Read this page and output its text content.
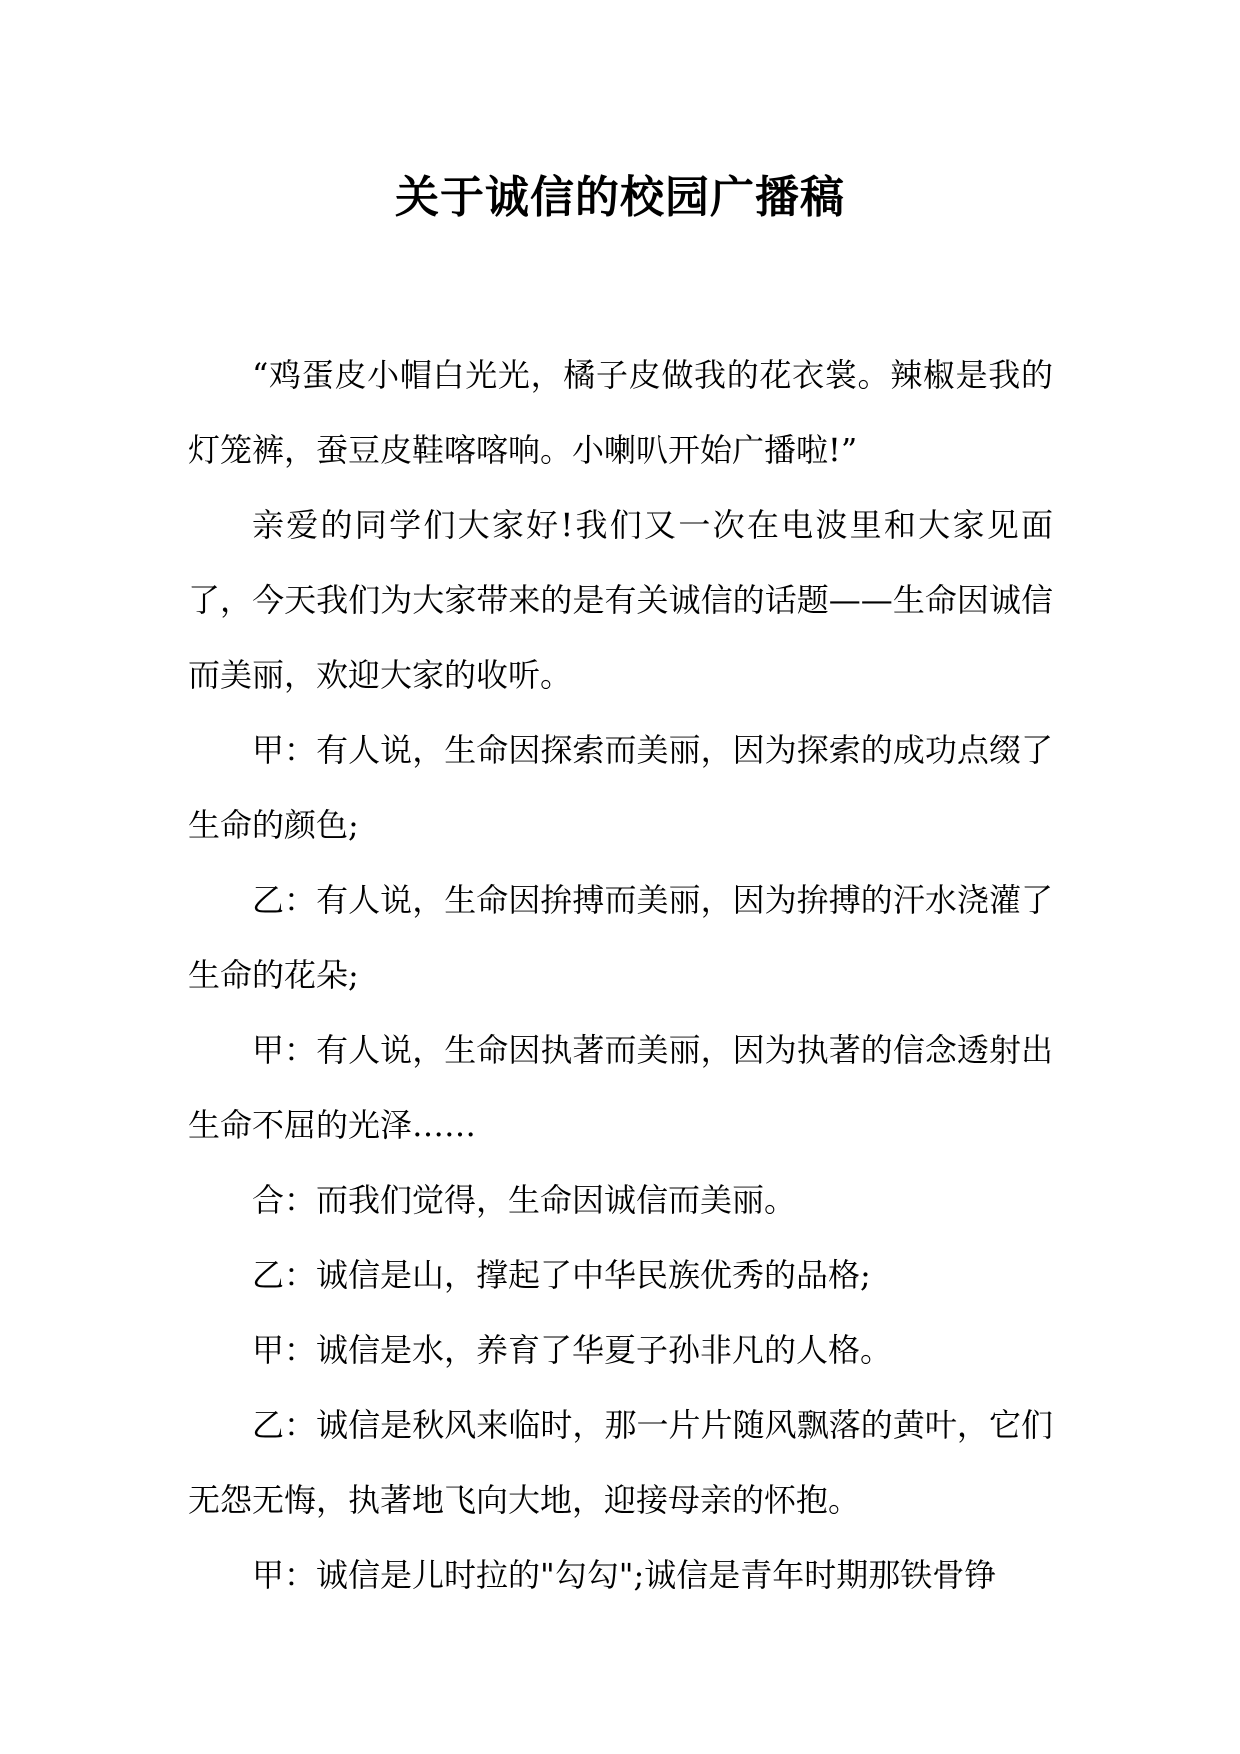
关于诚信的校园广播稿

“鸡蛋皮小帽白光光，橘子皮做我的花衣裳。辣椒是我的灯笼裤，蚕豆皮鞋喀喀响。小喇叭开始广播啦!”

亲爱的同学们大家好!我们又一次在电波里和大家见面了，今天我们为大家带来的是有关诚信的话题——生命因诚信而美丽，欢迎大家的收听。

甲：有人说，生命因探索而美丽，因为探索的成功点缀了生命的颜色;

乙：有人说，生命因拚搏而美丽，因为拚搏的汗水浇灌了生命的花朵;

甲：有人说，生命因执著而美丽，因为执著的信念透射出生命不屈的光泽……

合：而我们觉得，生命因诚信而美丽。

乙：诚信是山，撑起了中华民族优秀的品格;

甲：诚信是水，养育了华夏子孙非凡的人格。

乙：诚信是秋风来临时，那一片片随风飘落的黄叶，它们无怨无悔，执著地飞向大地，迎接母亲的怀抱。

甲：诚信是儿时拉的"勾勾";诚信是青年时期那铁骨铮
